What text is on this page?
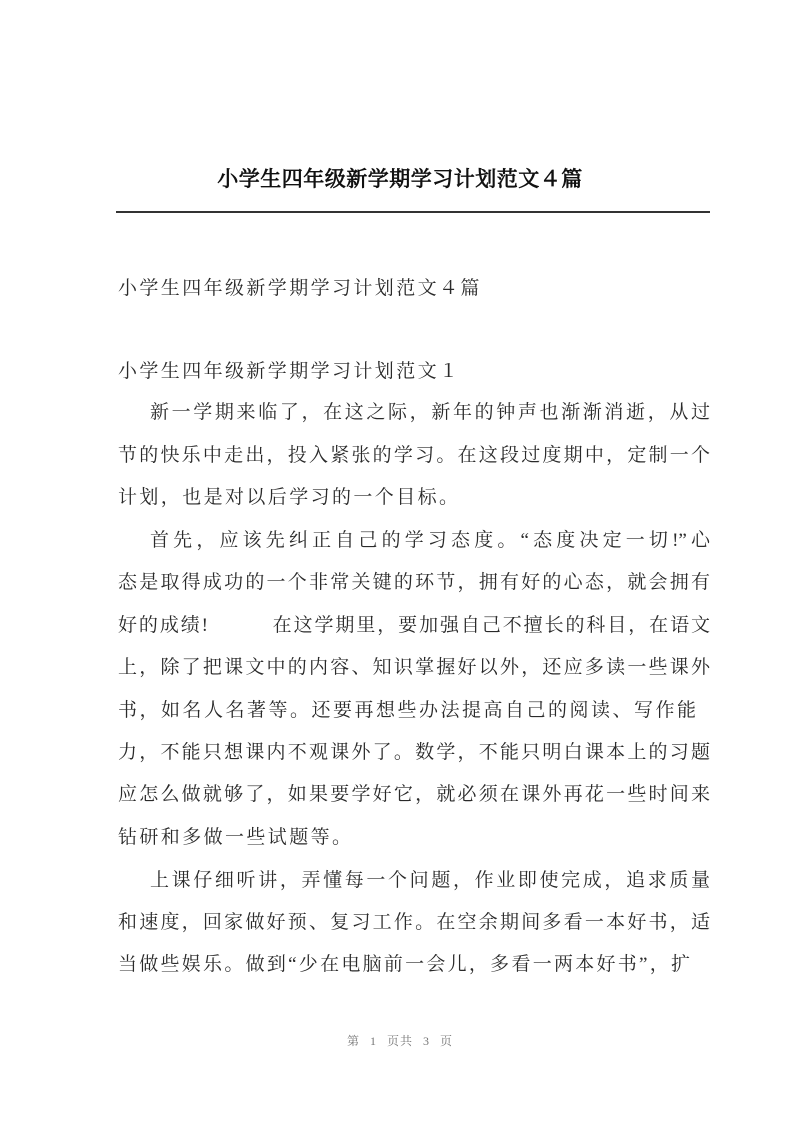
小学生四年级新学期学习计划范文４篇
小学生四年级新学期学习计划范文４篇
小学生四年级新学期学习计划范文１
新一学期来临了，在这之际，新年的钟声也渐渐消逝，从过
节的快乐中走出，投入紧张的学习。在这段过度期中，定制一个
计划，也是对以后学习的一个目标。
首先，应该先纠正自己的学习态度。“态度决定一切!”心
态是取得成功的一个非常关键的环节，拥有好的心态，就会拥有
好的成绩!　　　在这学期里，要加强自己不擅长的科目，在语文
上，除了把课文中的内容、知识掌握好以外，还应多读一些课外
书，如名人名著等。还要再想些办法提高自己的阅读、写作能
力，不能只想课内不观课外了。数学，不能只明白课本上的习题
应怎么做就够了，如果要学好它，就必须在课外再花一些时间来
钻研和多做一些试题等。
上课仔细听讲，弄懂每一个问题，作业即使完成，追求质量
和速度，回家做好预、复习工作。在空余期间多看一本好书，适
当做些娱乐。做到“少在电脑前一会儿，多看一两本好书”，扩
第 1 页共 3 页
